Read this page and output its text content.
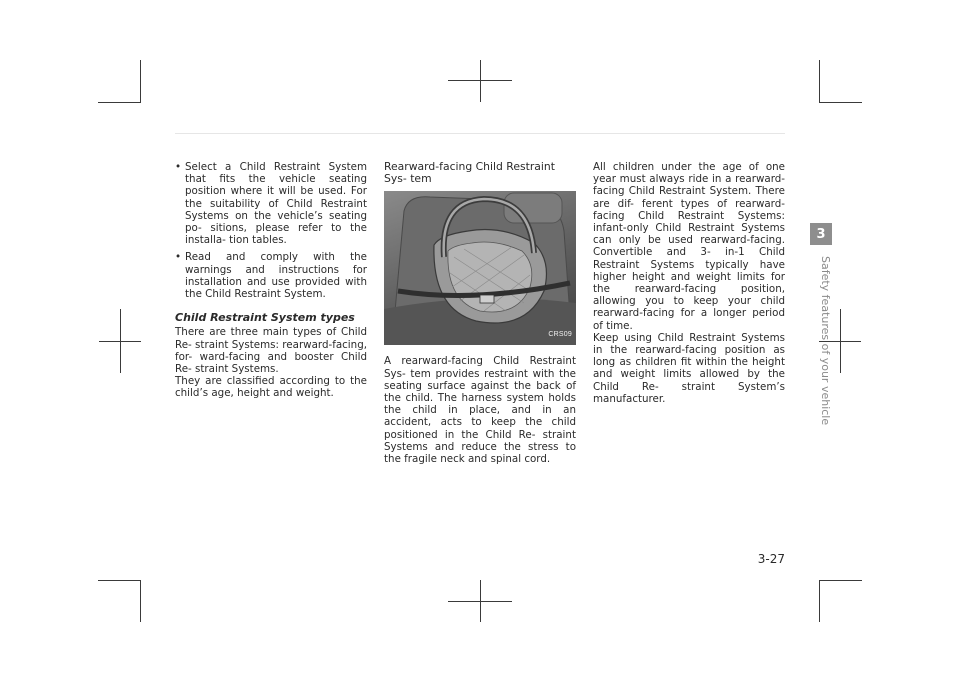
• Select a Child Restraint System that fits the vehicle seating position where it will be used. For the suitability of Child Restraint Systems on the vehicle’s seating po- sitions, please refer to the installa- tion tables.

• Read and comply with the warnings and instructions for installation and use provided with the Child Restraint System.

Child Restraint System types

There are three main types of Child Re- straint Systems: rearward-facing, for- ward-facing and booster Child Re- straint Systems.

They are classified according to the child’s age, height and weight.

Rearward-facing Child Restraint Sys- tem
CRS09

A rearward-facing Child Restraint Sys- tem provides restraint with the seating surface against the back of the child. The harness system holds the child in place, and in an accident, acts to keep the child positioned in the Child Re- straint Systems and reduce the stress to the fragile neck and spinal cord.

All children under the age of one year must always ride in a rearward-facing Child Restraint System. There are dif- ferent types of rearward-facing Child Restraint Systems: infant-only Child Restraint Systems can only be used rearward-facing. Convertible and 3- in-1 Child Restraint Systems typically have higher height and weight limits for the rearward-facing position, allowing you to keep your child rearward-facing for a longer period of time.

Keep using Child Restraint Systems in the rearward-facing position as long as children fit within the height and weight limits allowed by the Child Re- straint System’s manufacturer.

3
Safety features of your vehicle
3-27
